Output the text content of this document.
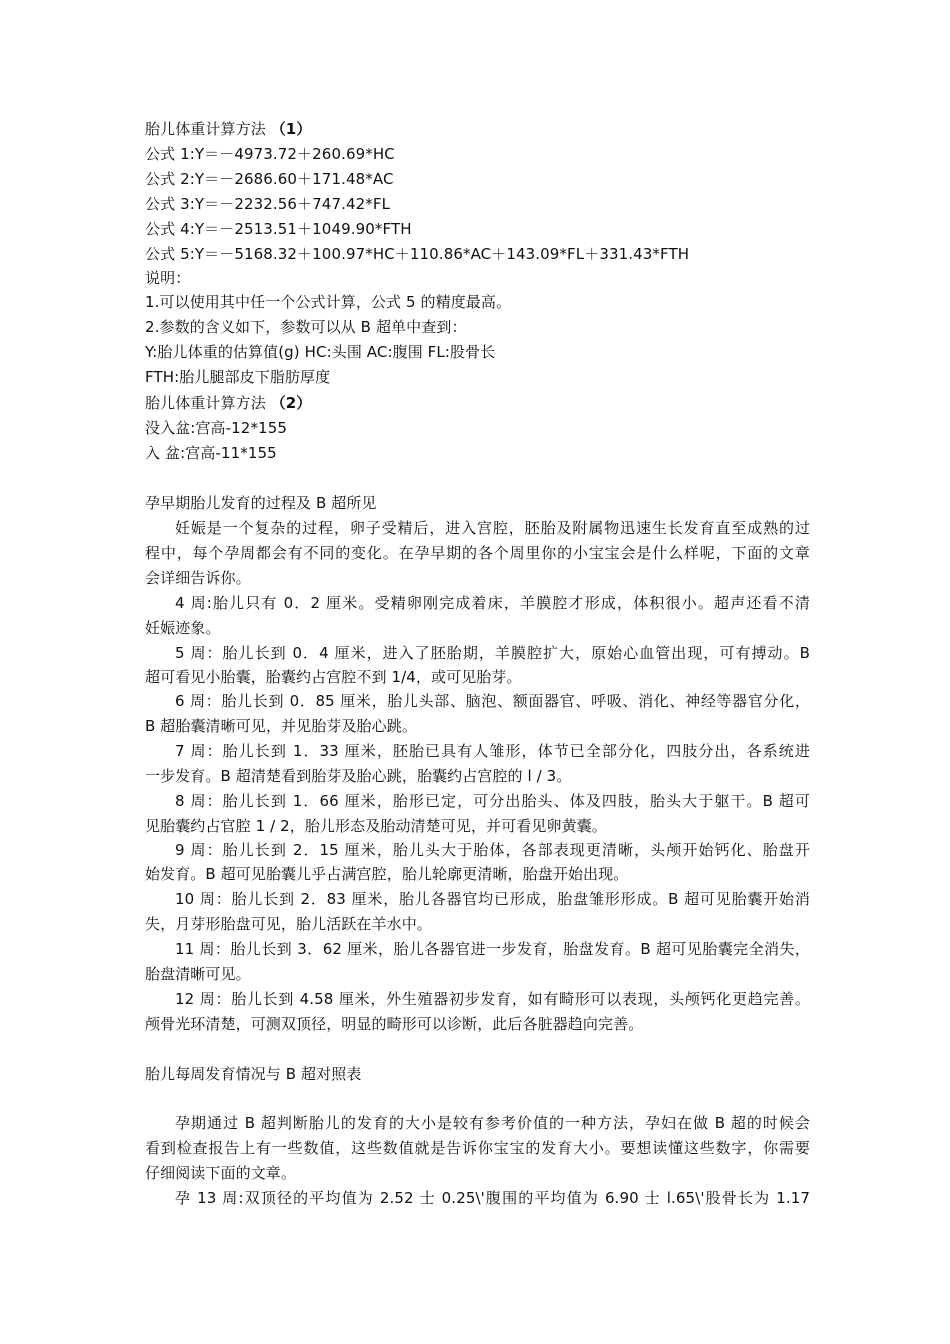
胎儿体重计算方法 （1）
公式 1:Y＝－4973.72＋260.69*HC
公式 2:Y＝－2686.60＋171.48*AC
公式 3:Y＝－2232.56＋747.42*FL
公式 4:Y＝－2513.51＋1049.90*FTH
公式 5:Y＝－5168.32＋100.97*HC＋110.86*AC＋143.09*FL＋331.43*FTH
说明：
1.可以使用其中任一个公式计算，公式 5 的精度最高。
2.参数的含义如下，参数可以从 B 超单中查到：
Y:胎儿体重的估算值(g) HC:头围 AC:腹围 FL:股骨长
FTH:胎儿腿部皮下脂肪厚度
胎儿体重计算方法 （2）
没入盆:宫高-12*155
入 盆:宫高-11*155
孕早期胎儿发育的过程及 B 超所见
妊娠是一个复杂的过程，卵子受精后，进入宫腔，胚胎及附属物迅速生长发育直至成熟的过
程中，每个孕周都会有不同的变化。在孕早期的各个周里你的小宝宝会是什么样呢，下面的文章
会详细告诉你。
4 周:胎儿只有 0．2 厘米。受精卵刚完成着床，羊膜腔才形成，体积很小。超声还看不清
妊娠迹象。
5 周：胎儿长到 0．4 厘米，进入了胚胎期，羊膜腔扩大，原始心血管出现，可有搏动。B
超可看见小胎囊，胎囊约占宫腔不到 1/4，或可见胎芽。
6 周：胎儿长到 0．85 厘米，胎儿头部、脑泡、额面器官、呼吸、消化、神经等器官分化，
B 超胎囊清晰可见，并见胎芽及胎心跳。
7 周：胎儿长到 1．33 厘米，胚胎已具有人雏形，体节已全部分化，四肢分出，各系统进
一步发育。B 超清楚看到胎芽及胎心跳，胎囊约占宫腔的 l / 3。
8 周：胎儿长到 1．66 厘米，胎形已定，可分出胎头、体及四肢，胎头大于躯干。B 超可
见胎囊约占官腔 1 / 2，胎儿形态及胎动清楚可见，并可看见卵黄囊。
9 周：胎儿长到 2．15 厘米，胎儿头大于胎体，各部表现更清晰，头颅开始钙化、胎盘开
始发育。B 超可见胎囊儿乎占满宫腔，胎儿轮廓更清晰，胎盘开始出现。
10 周：胎儿长到 2．83 厘米，胎儿各器官均已形成，胎盘雏形形成。B 超可见胎囊开始消
失，月芽形胎盘可见，胎儿活跃在羊水中。
11 周：胎儿长到 3．62 厘米，胎儿各器官进一步发育，胎盘发育。B 超可见胎囊完全消失，
胎盘清晰可见。
12 周：胎儿长到 4.58 厘米，外生殖器初步发育，如有畸形可以表现，头颅钙化更趋完善。
颅骨光环清楚，可测双顶径，明显的畸形可以诊断，此后各脏器趋向完善。
胎儿每周发育情况与 B 超对照表
孕期通过 B 超判断胎儿的发育的大小是较有参考价值的一种方法，孕妇在做 B 超的时候会
看到检查报告上有一些数值，这些数值就是告诉你宝宝的发育大小。要想读懂这些数字，你需要
仔细阅读下面的文章。
孕 13 周:双顶径的平均值为 2.52 士 0.25\'腹围的平均值为 6.90 士 l.65\'股骨长为 1.17
